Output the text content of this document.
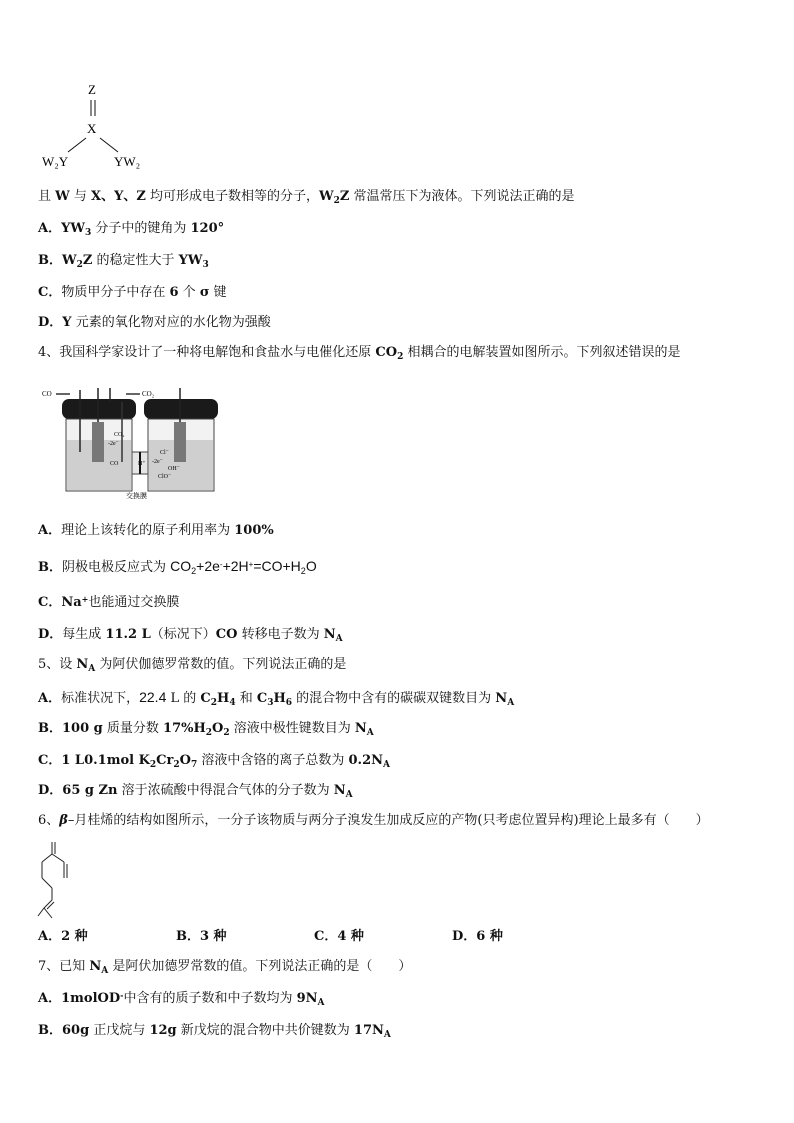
Z
X
W₂Y	YW₂
且 W 与 X、Y、Z 均可形成电子数相等的分子，$W_2Z$ 常温常压下为液体。下列说法正确的是
A．$YW_3$ 分子中的键角为 120°
B．$W_2Z$ 的稳定性大于 $YW_3$
C．物质甲分子中存在 6 个 σ 键
D．Y 元素的氧化物对应的水化物为强酸
4、我国科学家设计了一种将电解饱和食盐水与电催化还原 $CO_2$ 相耦合的电解装置如图所示。下列叙述错误的是
CO	CO₂
CO₂
-2e⁻
CO
Cl⁻
-2e⁻
OH⁻
ClO⁻
H⁺
交换膜
A．理论上该转化的原子利用率为 100%
B．阴极电极反应式为 $CO_2+2e^-+2H^+=CO+H_2O$
C．Na+也能通过交换膜
D．每生成 11.2 L（标况下）CO 转移电子数为 $N_A$
5、设 $N_A$ 为阿伏伽德罗常数的值。下列说法正确的是
A．标准状况下，22.4 L 的 $C_2H_4$ 和 $C_3H_6$ 的混合物中含有的碳碳双键数目为 $N_A$
B．100 g 质量分数 $17\%H_2O_2$ 溶液中极性键数目为 $N_A$
C．1 L0.1mol $K_2Cr_2O_7$ 溶液中含铬的离子总数为 $0.2N_A$
D．65 g Zn 溶于浓硫酸中得混合气体的分子数为 $N_A$
6、β–月桂烯的结构如图所示，一分子该物质与两分子溴发生加成反应的产物(只考虑位置异构)理论上最多有（　　）
A．2 种	B．3 种	C．4 种	D．6 种
7、已知 $N_A$ 是阿伏加德罗常数的值。下列说法正确的是（　　）
A．1molOD-中含有的质子数和中子数均为 $9N_A$
B．60g 正戊烷与 12g 新戊烷的混合物中共价键数为 $17N_A$
